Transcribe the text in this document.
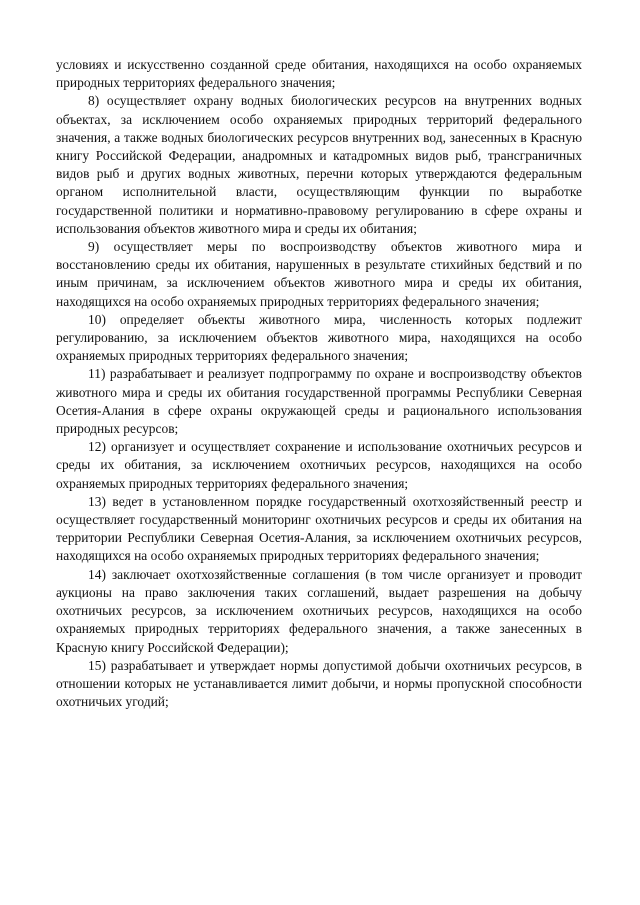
условиях и искусственно созданной среде обитания, находящихся на особо охраняемых природных территориях федерального значения;

8) осуществляет охрану водных биологических ресурсов на внутренних водных объектах, за исключением особо охраняемых природных территорий федерального значения, а также водных биологических ресурсов внутренних вод, занесенных в Красную книгу Российской Федерации, анадромных и катадромных видов рыб, трансграничных видов рыб и других водных животных, перечни которых утверждаются федеральным органом исполнительной власти, осуществляющим функции по выработке государственной политики и нормативно-правовому регулированию в сфере охраны и использования объектов животного мира и среды их обитания;

9) осуществляет меры по воспроизводству объектов животного мира и восстановлению среды их обитания, нарушенных в результате стихийных бедствий и по иным причинам, за исключением объектов животного мира и среды их обитания, находящихся на особо охраняемых природных территориях федерального значения;

10) определяет объекты животного мира, численность которых подлежит регулированию, за исключением объектов животного мира, находящихся на особо охраняемых природных территориях федерального значения;

11) разрабатывает и реализует подпрограмму по охране и воспроизводству объектов животного мира и среды их обитания государственной программы Республики Северная Осетия-Алания в сфере охраны окружающей среды и рационального использования природных ресурсов;

12) организует и осуществляет сохранение и использование охотничьих ресурсов и среды их обитания, за исключением охотничьих ресурсов, находящихся на особо охраняемых природных территориях федерального значения;

13) ведет в установленном порядке государственный охотхозяйственный реестр и осуществляет государственный мониторинг охотничьих ресурсов и среды их обитания на территории Республики Северная Осетия-Алания, за исключением охотничьих ресурсов, находящихся на особо охраняемых природных территориях федерального значения;

14) заключает охотхозяйственные соглашения (в том числе организует и проводит аукционы на право заключения таких соглашений, выдает разрешения на добычу охотничьих ресурсов, за исключением охотничьих ресурсов, находящихся на особо охраняемых природных территориях федерального значения, а также занесенных в Красную книгу Российской Федерации);

15) разрабатывает и утверждает нормы допустимой добычи охотничьих ресурсов, в отношении которых не устанавливается лимит добычи, и нормы пропускной способности охотничьих угодий;
